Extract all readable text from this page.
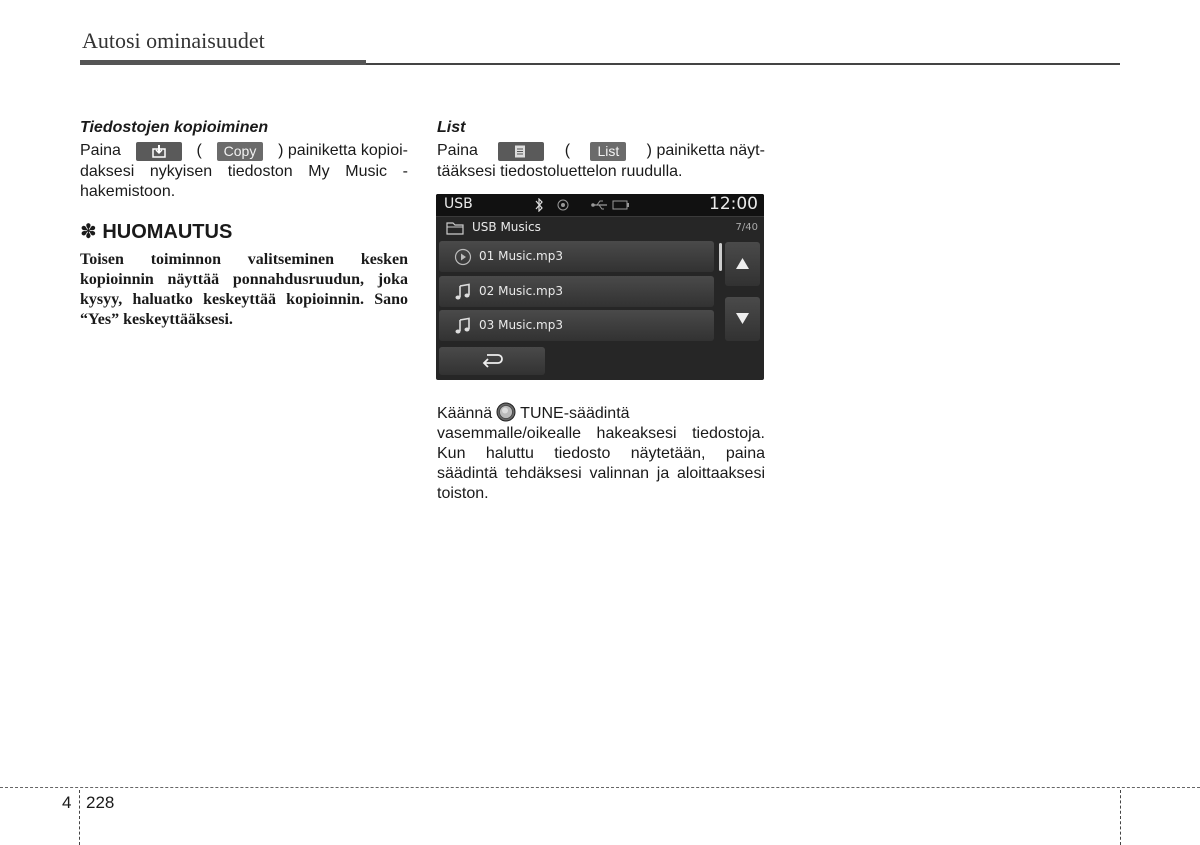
Autosi ominaisuudet
Tiedostojen kopioiminen
Paina	(	Copy	) painiketta kopioi-
daksesi nykyisen tiedoston My Music -hakemistoon.
✽ HUOMAUTUS
Toisen toiminnon valitseminen kesken kopioinnin näyttää ponnahdusruudun, joka kysyy, haluatko keskeyttää kopioinnin. Sano “Yes” keskeyttääksesi.
List
Paina	(	List	) painiketta näyt-
tääksesi tiedostoluettelon ruudulla.
USB	12:00
USB Musics	7/40
01 Music.mp3
02 Music.mp3
03 Music.mp3
Käännä TUNE-säädintä vasemmalle/oikealle hakeaksesi tiedostoja. Kun haluttu tiedosto näytetään, paina säädintä tehdäksesi valinnan ja aloittaaksesi toiston.
4 228
